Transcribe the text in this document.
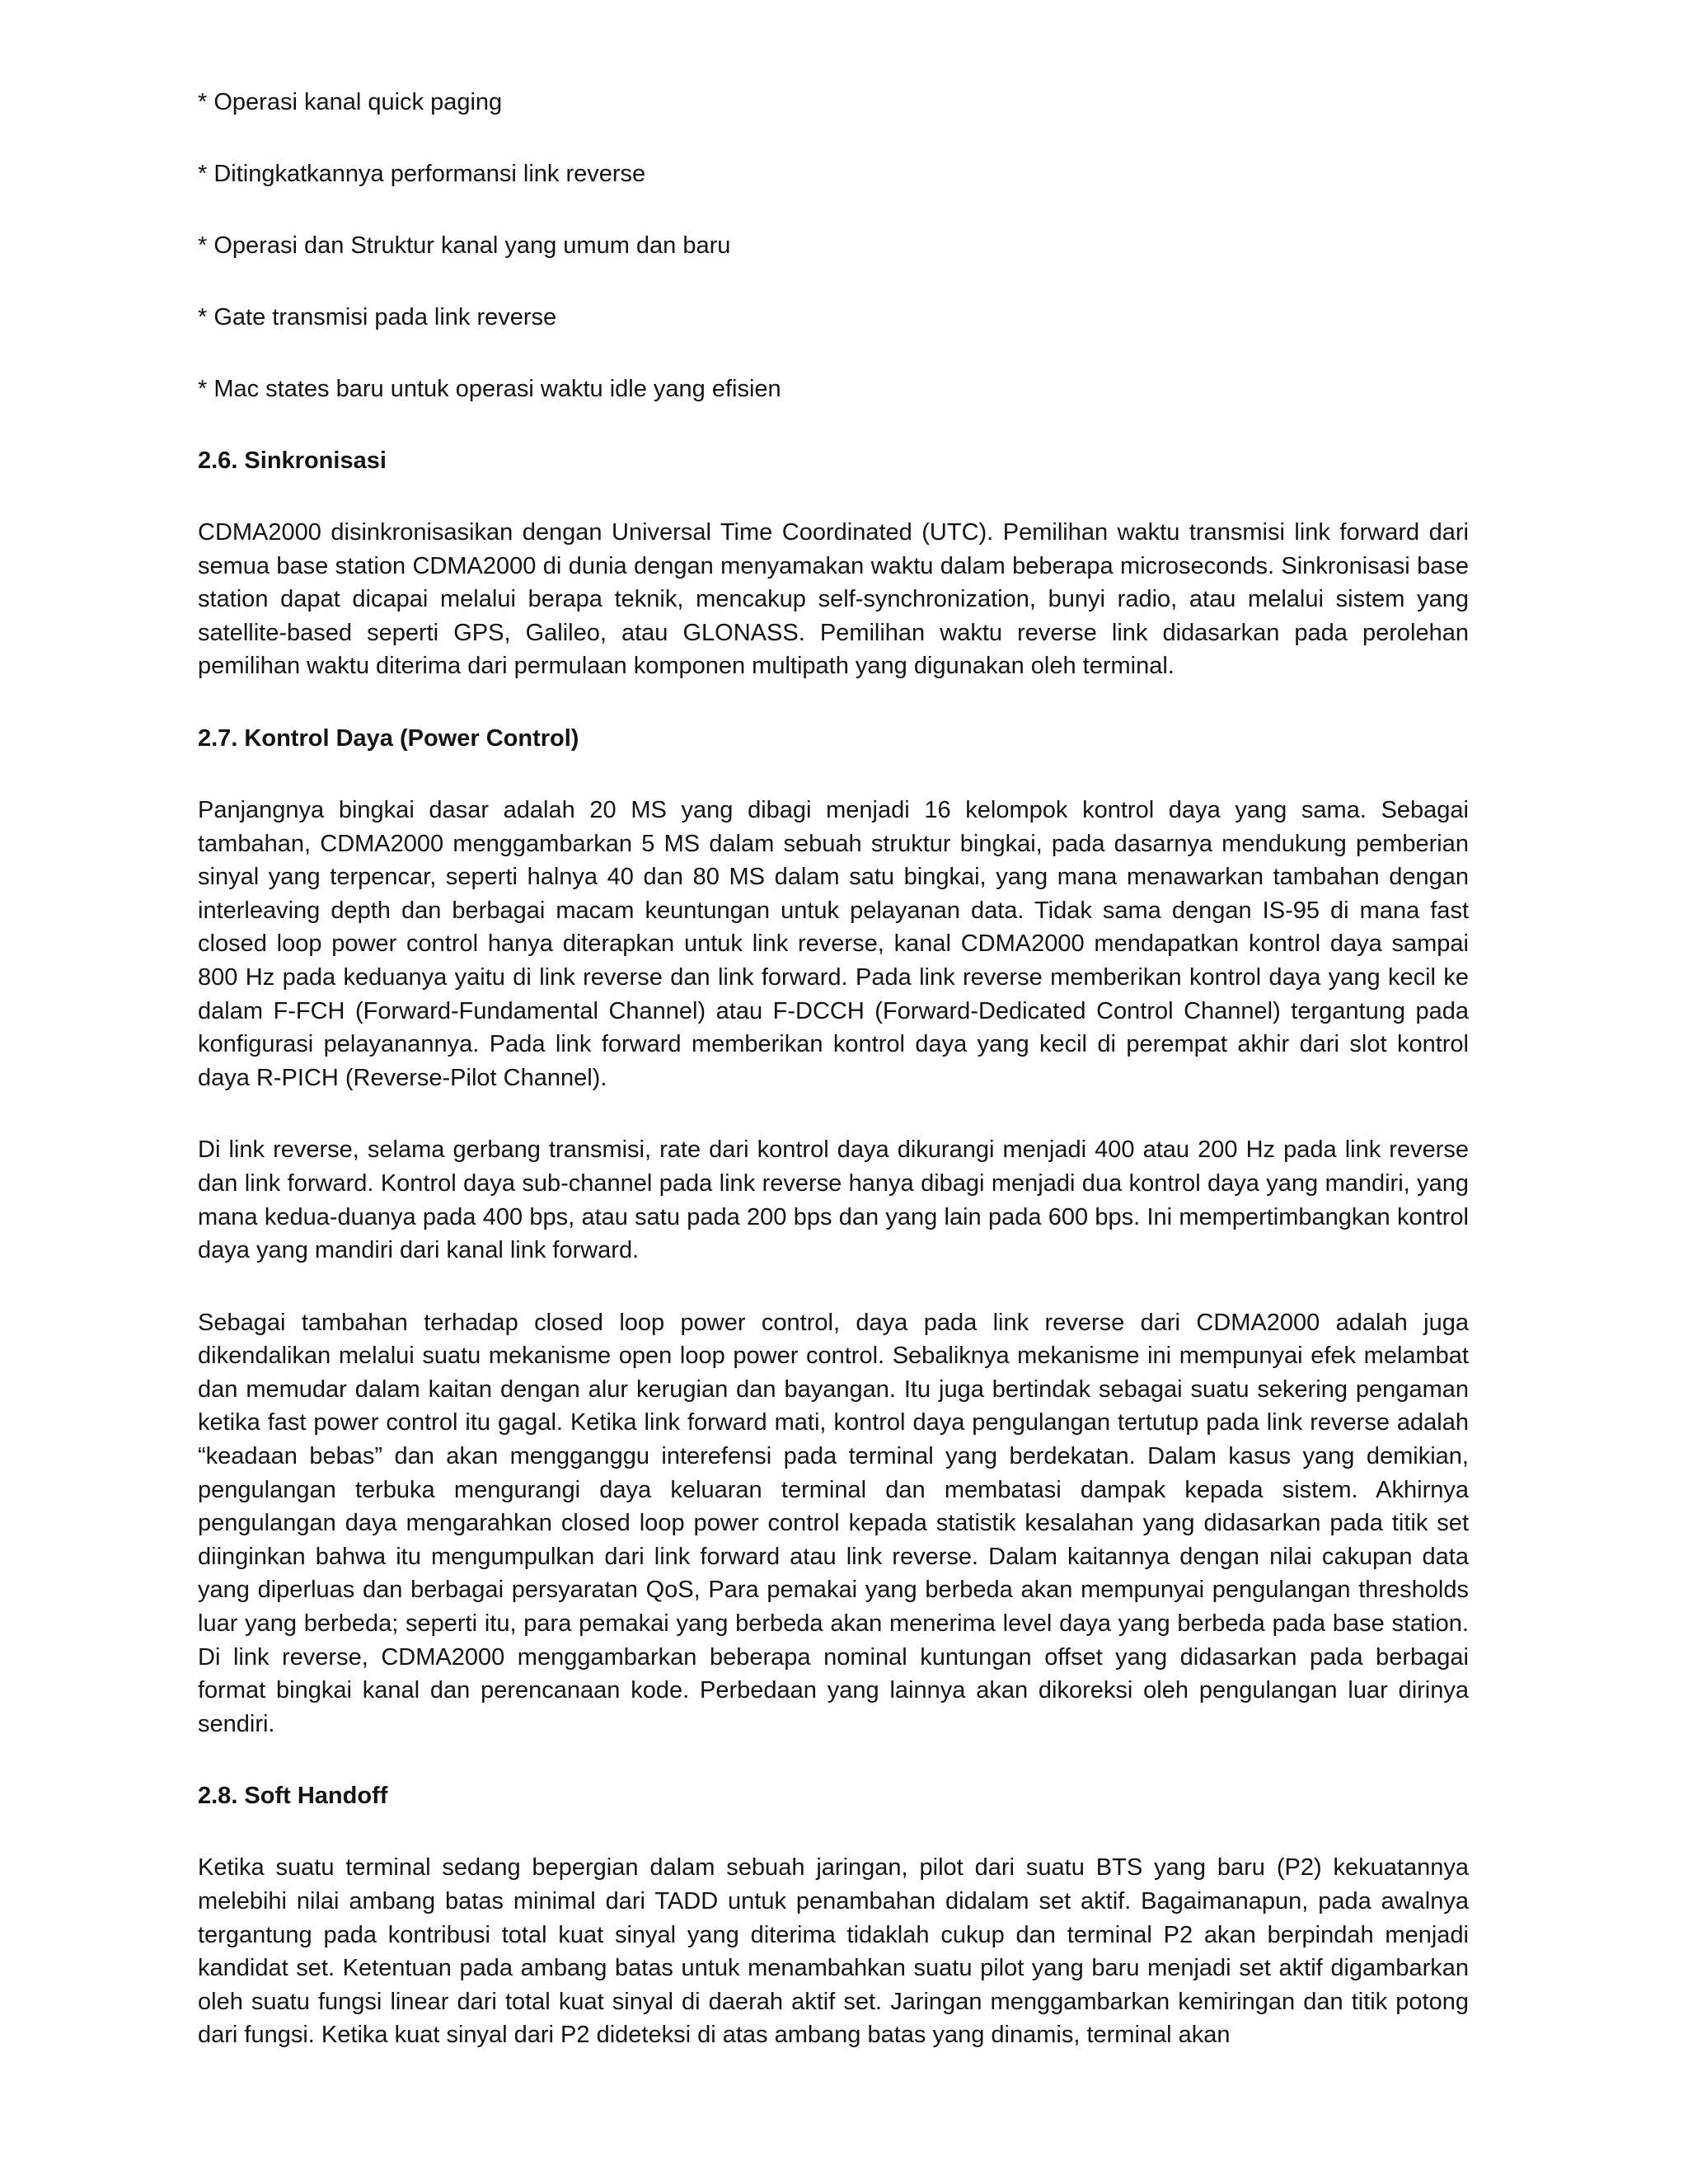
* Operasi kanal quick paging

* Ditingkatkannya performansi link reverse

* Operasi dan Struktur kanal yang umum dan baru

* Gate transmisi pada link reverse

* Mac states baru untuk operasi waktu idle yang efisien

2.6. Sinkronisasi

CDMA2000 disinkronisasikan dengan Universal Time Coordinated (UTC). Pemilihan waktu transmisi link forward dari semua base station CDMA2000 di dunia dengan menyamakan waktu dalam beberapa microseconds. Sinkronisasi base station dapat dicapai melalui berapa teknik, mencakup self-synchronization, bunyi radio, atau melalui sistem yang satellite-based seperti GPS, Galileo, atau GLONASS. Pemilihan waktu reverse link didasarkan pada perolehan pemilihan waktu diterima dari permulaan komponen multipath yang digunakan oleh terminal.

2.7. Kontrol Daya (Power Control)

Panjangnya bingkai dasar adalah 20 MS yang dibagi menjadi 16 kelompok kontrol daya yang sama. Sebagai tambahan, CDMA2000 menggambarkan 5 MS dalam sebuah struktur bingkai, pada dasarnya mendukung pemberian sinyal yang terpencar, seperti halnya 40 dan 80 MS dalam satu bingkai, yang mana menawarkan tambahan dengan interleaving depth dan berbagai macam keuntungan untuk pelayanan data. Tidak sama dengan IS-95 di mana fast closed loop power control hanya diterapkan untuk link reverse, kanal CDMA2000 mendapatkan kontrol daya sampai 800 Hz pada keduanya yaitu di link reverse dan link forward. Pada link reverse memberikan kontrol daya yang kecil ke dalam F-FCH (Forward-Fundamental Channel) atau F-DCCH (Forward-Dedicated Control Channel) tergantung pada konfigurasi pelayanannya. Pada link forward memberikan kontrol daya yang kecil di perempat akhir dari slot kontrol daya R-PICH (Reverse-Pilot Channel).

Di link reverse, selama gerbang transmisi, rate dari kontrol daya dikurangi menjadi 400 atau 200 Hz pada link reverse dan link forward. Kontrol daya sub-channel pada link reverse hanya dibagi menjadi dua kontrol daya yang mandiri, yang mana kedua-duanya pada 400 bps, atau satu pada 200 bps dan yang lain pada 600 bps. Ini mempertimbangkan kontrol daya yang mandiri dari kanal link forward.

Sebagai tambahan terhadap closed loop power control, daya pada link reverse dari CDMA2000 adalah juga dikendalikan melalui suatu mekanisme open loop power control. Sebaliknya mekanisme ini mempunyai efek melambat dan memudar dalam kaitan dengan alur kerugian dan bayangan. Itu juga bertindak sebagai suatu sekering pengaman ketika fast power control itu gagal. Ketika link forward mati, kontrol daya pengulangan tertutup pada link reverse adalah “keadaan bebas” dan akan mengganggu interefensi pada terminal yang berdekatan. Dalam kasus yang demikian, pengulangan terbuka mengurangi daya keluaran terminal dan membatasi dampak kepada sistem. Akhirnya pengulangan daya mengarahkan closed loop power control kepada statistik kesalahan yang didasarkan pada titik set diinginkan bahwa itu mengumpulkan dari link forward atau link reverse. Dalam kaitannya dengan nilai cakupan data yang diperluas dan berbagai persyaratan QoS, Para pemakai yang berbeda akan mempunyai pengulangan thresholds luar yang berbeda; seperti itu, para pemakai yang berbeda akan menerima level daya yang berbeda pada base station. Di link reverse, CDMA2000 menggambarkan beberapa nominal kuntungan offset yang didasarkan pada berbagai format bingkai kanal dan perencanaan kode. Perbedaan yang lainnya akan dikoreksi oleh pengulangan luar dirinya sendiri.

2.8. Soft Handoff

Ketika suatu terminal sedang bepergian dalam sebuah jaringan, pilot dari suatu BTS yang baru (P2) kekuatannya melebihi nilai ambang batas minimal dari TADD untuk penambahan didalam set aktif. Bagaimanapun, pada awalnya tergantung pada kontribusi total kuat sinyal yang diterima tidaklah cukup dan terminal P2 akan berpindah menjadi kandidat set. Ketentuan pada ambang batas untuk menambahkan suatu pilot yang baru menjadi set aktif digambarkan oleh suatu fungsi linear dari total kuat sinyal di daerah aktif set. Jaringan menggambarkan kemiringan dan titik potong dari fungsi. Ketika kuat sinyal dari P2 dideteksi di atas ambang batas yang dinamis, terminal akan
